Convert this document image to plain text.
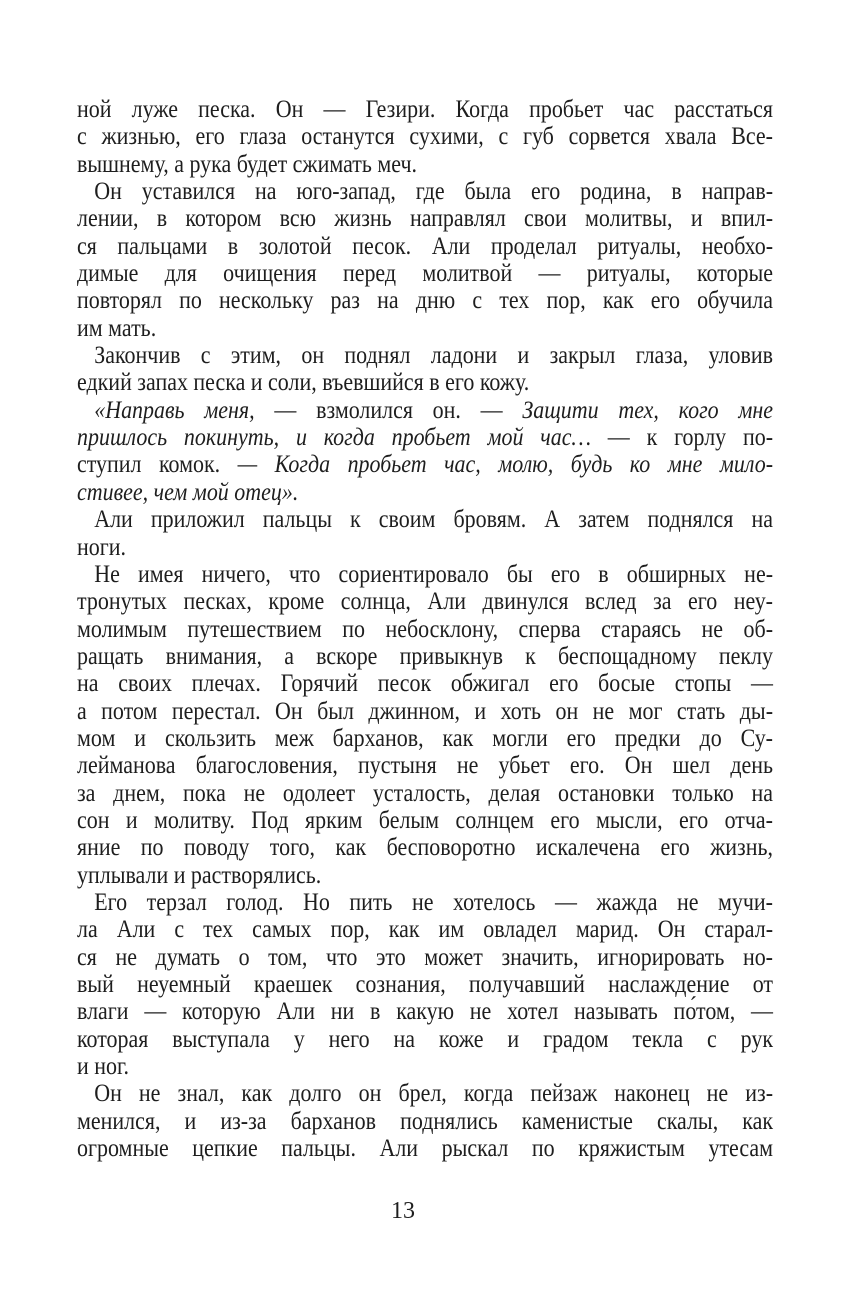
ной луже песка. Он — Гезири. Когда пробьет час расстаться
с жизнью, его глаза останутся сухими, с губ сорвется хвала Все-
вышнему, а рука будет сжимать меч.
Он уставился на юго-запад, где была его родина, в направ-
лении, в котором всю жизнь направлял свои молитвы, и впил-
ся пальцами в золотой песок. Али проделал ритуалы, необхо-
димые для очищения перед молитвой — ритуалы, которые
повторял по нескольку раз на дню с тех пор, как его обучила
им мать.
Закончив с этим, он поднял ладони и закрыл глаза, уловив
едкий запах песка и соли, въевшийся в его кожу.
«Направь меня, — взмолился он. — Защити тех, кого мне
пришлось покинуть, и когда пробьет мой час… — к горлу по-
ступил комок. — Когда пробьет час, молю, будь ко мне мило-
стивее, чем мой отец».
Али приложил пальцы к своим бровям. А затем поднялся на
ноги.
Не имея ничего, что сориентировало бы его в обширных не-
тронутых песках, кроме солнца, Али двинулся вслед за его неу-
молимым путешествием по небосклону, сперва стараясь не об-
ращать внимания, а вскоре привыкнув к беспощадному пеклу
на своих плечах. Горячий песок обжигал его босые стопы —
а потом перестал. Он был джинном, и хоть он не мог стать ды-
мом и скользить меж барханов, как могли его предки до Су-
лейманова благословения, пустыня не убьет его. Он шел день
за днем, пока не одолеет усталость, делая остановки только на
сон и молитву. Под ярким белым солнцем его мысли, его отча-
яние по поводу того, как бесповоротно искалечена его жизнь,
уплывали и растворялись.
Его терзал голод. Но пить не хотелось — жажда не мучи-
ла Али с тех самых пор, как им овладел марид. Он старал-
ся не думать о том, что это может значить, игнорировать но-
вый неуемный краешек сознания, получавший наслаждение от
влаги — которую Али ни в какую не хотел называть по́том, —
которая выступала у него на коже и градом текла с рук
и ног.
Он не знал, как долго он брел, когда пейзаж наконец не из-
менился, и из-за барханов поднялись каменистые скалы, как
огромные цепкие пальцы. Али рыскал по кряжистым утесам
13
